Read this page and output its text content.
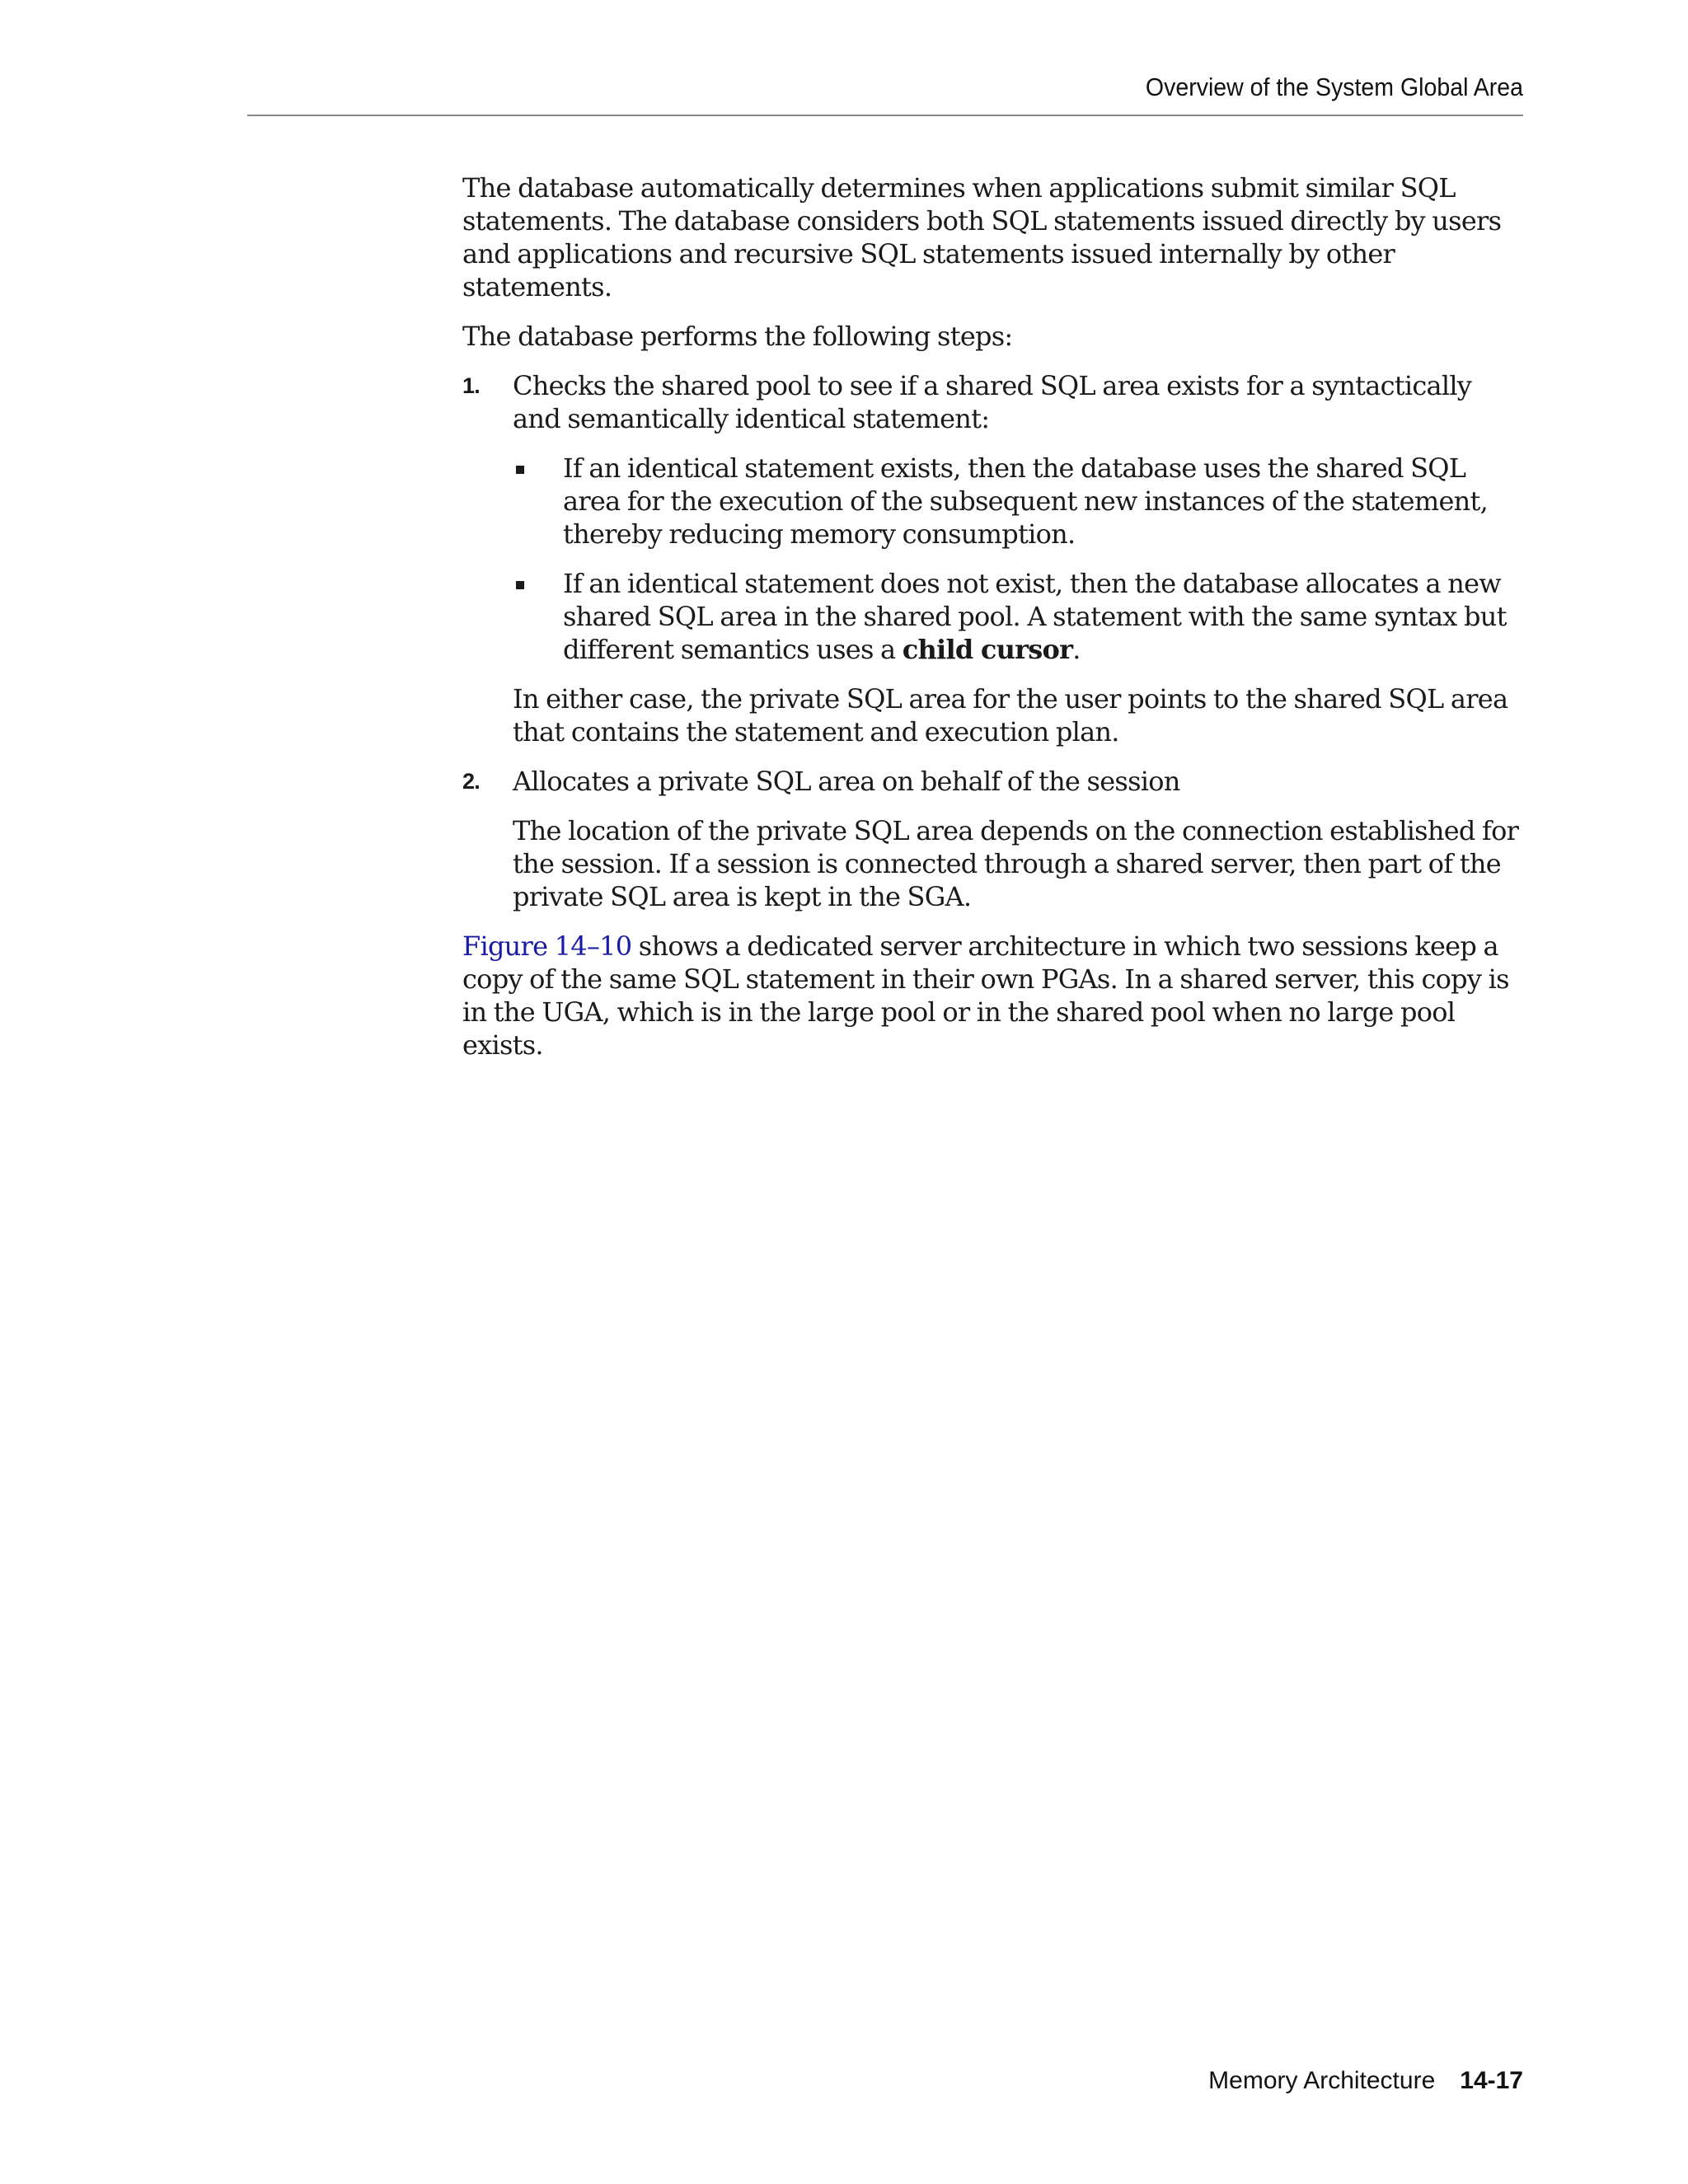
Overview of the System Global Area

The database automatically determines when applications submit similar SQL statements. The database considers both SQL statements issued directly by users and applications and recursive SQL statements issued internally by other statements.

The database performs the following steps:

1. Checks the shared pool to see if a shared SQL area exists for a syntactically and semantically identical statement:

If an identical statement exists, then the database uses the shared SQL area for the execution of the subsequent new instances of the statement, thereby reducing memory consumption.
If an identical statement does not exist, then the database allocates a new shared SQL area in the shared pool. A statement with the same syntax but different semantics uses a child cursor.

In either case, the private SQL area for the user points to the shared SQL area that contains the statement and execution plan.

2. Allocates a private SQL area on behalf of the session

The location of the private SQL area depends on the connection established for the session. If a session is connected through a shared server, then part of the private SQL area is kept in the SGA.

Figure 14–10 shows a dedicated server architecture in which two sessions keep a copy of the same SQL statement in their own PGAs. In a shared server, this copy is in the UGA, which is in the large pool or in the shared pool when no large pool exists.

Memory Architecture 14-17
